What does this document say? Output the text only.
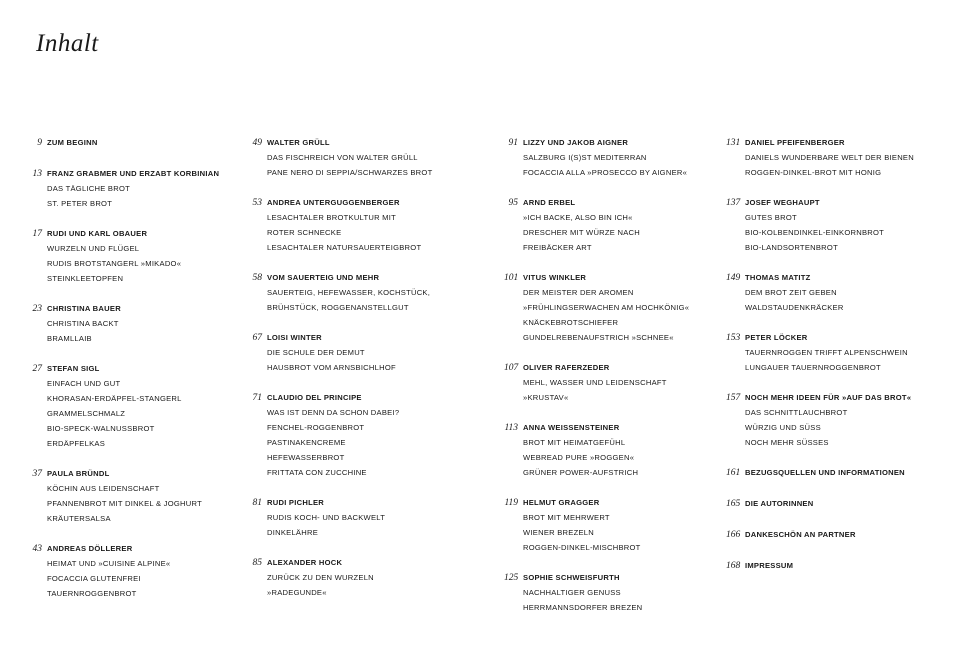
Inhalt
9 ZUM BEGINN
13 FRANZ GRABMER UND ERZABT KORBINIAN
DAS TÄGLICHE BROT
ST. PETER BROT
17 RUDI UND KARL OBAUER
WURZELN UND FLÜGEL
RUDIS BROTSTANGERL »MIKADO«
STEINKLEETOPFEN
23 CHRISTINA BAUER
CHRISTINA BACKT
BRAMLLAIB
27 STEFAN SIGL
EINFACH UND GUT
KHORASAN-ERDÄPFEL-STANGERL
GRAMMELSCHMALZ
BIO-SPECK-WALNUSSBROT
ERDÄPFELKAS
37 PAULA BRÜNDL
KÖCHIN AUS LEIDENSCHAFT
PFANNENBROT MIT DINKEL & JOGHURT
KRÄUTERSALSA
43 ANDREAS DÖLLERER
HEIMAT UND »CUISINE ALPINE«
FOCACCIA GLUTENFREI
TAUERNROGGENBROT
49 WALTER GRÜLL
DAS FISCHREICH VON WALTER GRÜLL
PANE NERO DI SEPPIA/SCHWARZES BROT
53 ANDREA UNTERGUGGENBERGER
LESACHTALER BROTKULTUR MIT
ROTER SCHNECKE
LESACHTALER NATURSAUERTEIGBROT
58 VOM SAUERTEIG UND MEHR
SAUERTEIG, HEFEWASSER, KOCHSTÜCK,
BRÜHSTÜCK, ROGGENANSTELLGUT
67 LOISI WINTER
DIE SCHULE DER DEMUT
HAUSBROT VOM ARNSBICHLHOF
71 CLAUDIO DEL PRINCIPE
WAS IST DENN DA SCHON DABEI?
FENCHEL-ROGGENBROT
PASTINAKENCREME
HEFEWASSERBROT
FRITTATA CON ZUCCHINE
81 RUDI PICHLER
RUDIS KOCH- UND BACKWELT
DINKELÄHRE
85 ALEXANDER HOCK
ZURÜCK ZU DEN WURZELN
»RADEGUNDE«
91 LIZZY UND JAKOB AIGNER
SALZBURG I(S)ST MEDITERRAN
FOCACCIA ALLA »PROSECCO BY AIGNER«
95 ARND ERBEL
»ICH BACKE, ALSO BIN ICH«
DRESCHER MIT WÜRZE NACH
FREIBÄCKER ART
101 VITUS WINKLER
DER MEISTER DER AROMEN
»FRÜHLINGSERWACHEN AM HOCHKÖNIG«
KNÄCKEBROTSCHIEFER
GUNDELREBENAUFSTRICH »SCHNEE«
107 OLIVER RAFERZEDER
MEHL, WASSER UND LEIDENSCHAFT
»KRUSTAV«
113 ANNA WEISSENSTEINER
BROT MIT HEIMATGEFÜHL
WEBREAD PURE »ROGGEN«
GRÜNER POWER-AUFSTRICH
119 HELMUT GRAGGER
BROT MIT MEHRWERT
WIENER BREZELN
ROGGEN-DINKEL-MISCHBROT
125 SOPHIE SCHWEISFURTH
NACHHALTIGER GENUSS
HERRMANNSDORFER BREZEN
131 DANIEL PFEIFENBERGER
DANIELS WUNDERBARE WELT DER BIENEN
ROGGEN-DINKEL-BROT MIT HONIG
137 JOSEF WEGHAUPT
GUTES BROT
BIO-KOLBENDINKEL-EINKORNBROT
BIO-LANDSORTENBROT
149 THOMAS MATITZ
DEM BROT ZEIT GEBEN
WALDSTAUDENKRÄCKER
153 PETER LÖCKER
TAUERNROGGEN TRIFFT ALPENSCHWEIN
LUNGAUER TAUERNROGGENBROT
157 NOCH MEHR IDEEN FÜR »AUF DAS BROT«
DAS SCHNITTLAUCHBROT
WÜRZIG UND SÜSS
NOCH MEHR SÜSSES
161 BEZUGSQUELLEN UND INFORMATIONEN
165 DIE AUTORINNEN
166 DANKESCHÖN AN PARTNER
168 IMPRESSUM
